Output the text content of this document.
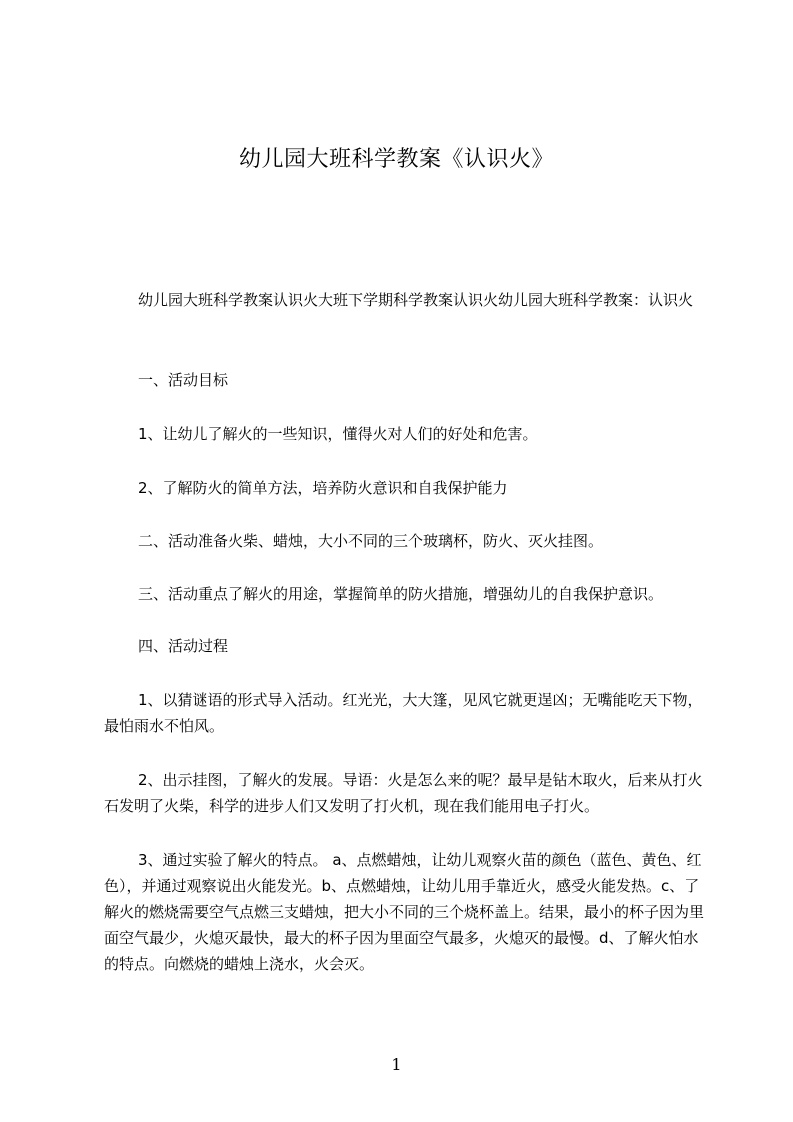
幼儿园大班科学教案《认识火》

幼儿园大班科学教案认识火大班下学期科学教案认识火幼儿园大班科学教案：认识火

一、活动目标

1、让幼儿了解火的一些知识，懂得火对人们的好处和危害。

2、了解防火的简单方法，培养防火意识和自我保护能力

二、活动准备火柴、蜡烛，大小不同的三个玻璃杯，防火、灭火挂图。

三、活动重点了解火的用途，掌握简单的防火措施，增强幼儿的自我保护意识。

四、活动过程

1、以猜谜语的形式导入活动。红光光，大大篷，见风它就更逞凶；无嘴能吃天下物，最怕雨水不怕风。

2、出示挂图，了解火的发展。导语：火是怎么来的呢？最早是钻木取火，后来从打火石发明了火柴，科学的进步人们又发明了打火机，现在我们能用电子打火。

3、通过实验了解火的特点。 a、点燃蜡烛，让幼儿观察火苗的颜色（蓝色、黄色、红色），并通过观察说出火能发光。b、点燃蜡烛，让幼儿用手靠近火，感受火能发热。c、了解火的燃烧需要空气点燃三支蜡烛，把大小不同的三个烧杯盖上。结果，最小的杯子因为里面空气最少，火熄灭最快，最大的杯子因为里面空气最多，火熄灭的最慢。d、了解火怕水的特点。向燃烧的蜡烛上浇水，火会灭。

1
